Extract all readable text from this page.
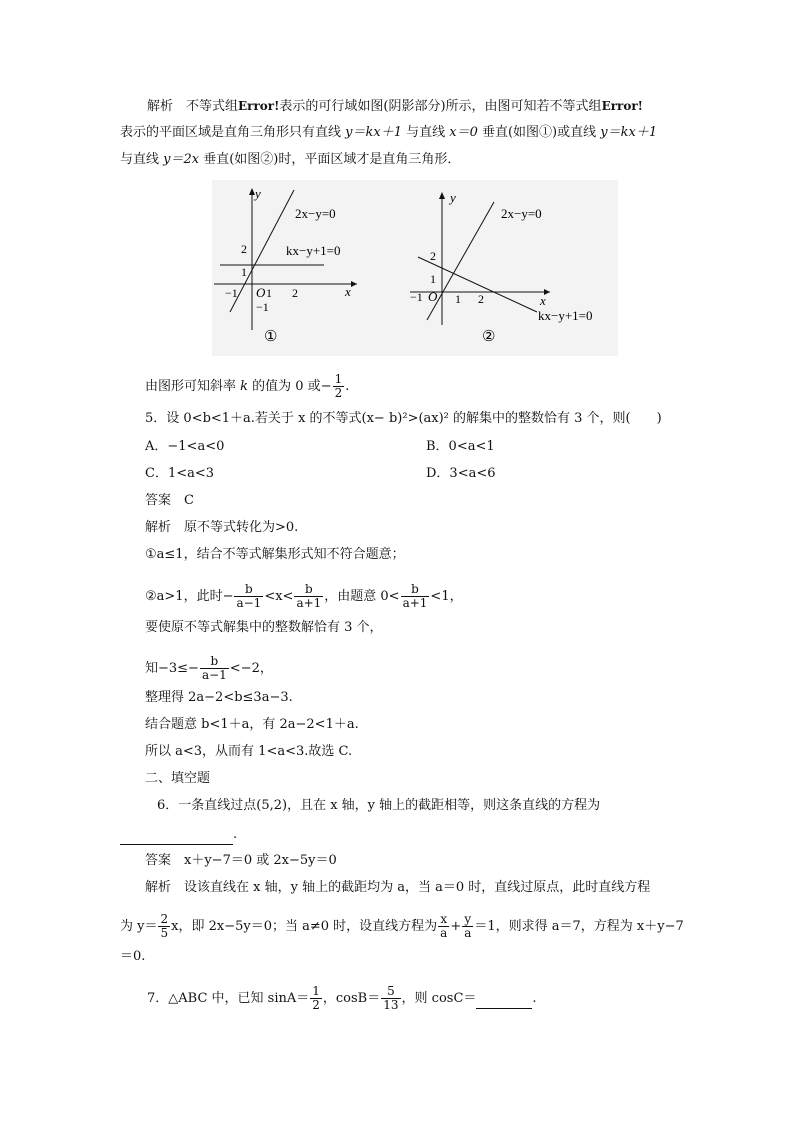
解析　不等式组Error!表示的可行域如图(阴影部分)所示，由图可知若不等式组Error!
表示的平面区域是直角三角形只有直线 y＝kx＋1 与直线 x＝0 垂直(如图①)或直线 y＝kx＋1
与直线 y＝2x 垂直(如图②)时，平面区域才是直角三角形．
y
x
O
−1 1 2
−1
1
2
2x−y=0
kx−y+1=0
①
y
x
O
−1	1 2
1
2
2x−y=0
kx−y+1=0
②
由图形可知斜率 k 的值为 0 或− $\frac{1}{2}$ .
5．设 0<b<1＋a.若关于 x 的不等式(x− b)²>(ax)² 的解集中的整数恰有 3 个，则(　　)
A．−1<a<0	B．0<a<1
C．1<a<3	D．3<a<6
答案　C
解析　原不等式转化为>0.
①a≤1，结合不等式解集形式知不符合题意；
②a>1，此时− $\frac{b}{a-1} <x< \frac{b}{a+1}$ ，由题意 $0< \frac{b}{a+1} <1$，
要使原不等式解集中的整数解恰有 3 个，
知$-3\le- \frac{b}{a-1} <-2$，
整理得 2a−2<b≤3a−3.
结合题意 b<1＋a，有 2a−2<1＋a.
所以 a<3，从而有 1<a<3.故选 C.
二、填空题
6．一条直线过点(5,2)，且在 x 轴，y 轴上的截距相等，则这条直线的方程为
.
答案　x＋y−7＝0 或 2x−5y＝0
解析　设该直线在 x 轴，y 轴上的截距均为 a，当 a＝0 时，直线过原点，此时直线方程
为 $y= \frac{2}{5}$ x，即 2x−5y＝0；当 a≠0 时，设直线方程为 $\frac{x}{a} + \frac{y}{a} =1$，则求得 a＝7，方程为 x＋y−7
＝0.
7．△ABC 中，已知 $\sin A= \frac{1}{2}$ ，$\cos B= \frac{5}{13}$ ，则 cosC＝	.
